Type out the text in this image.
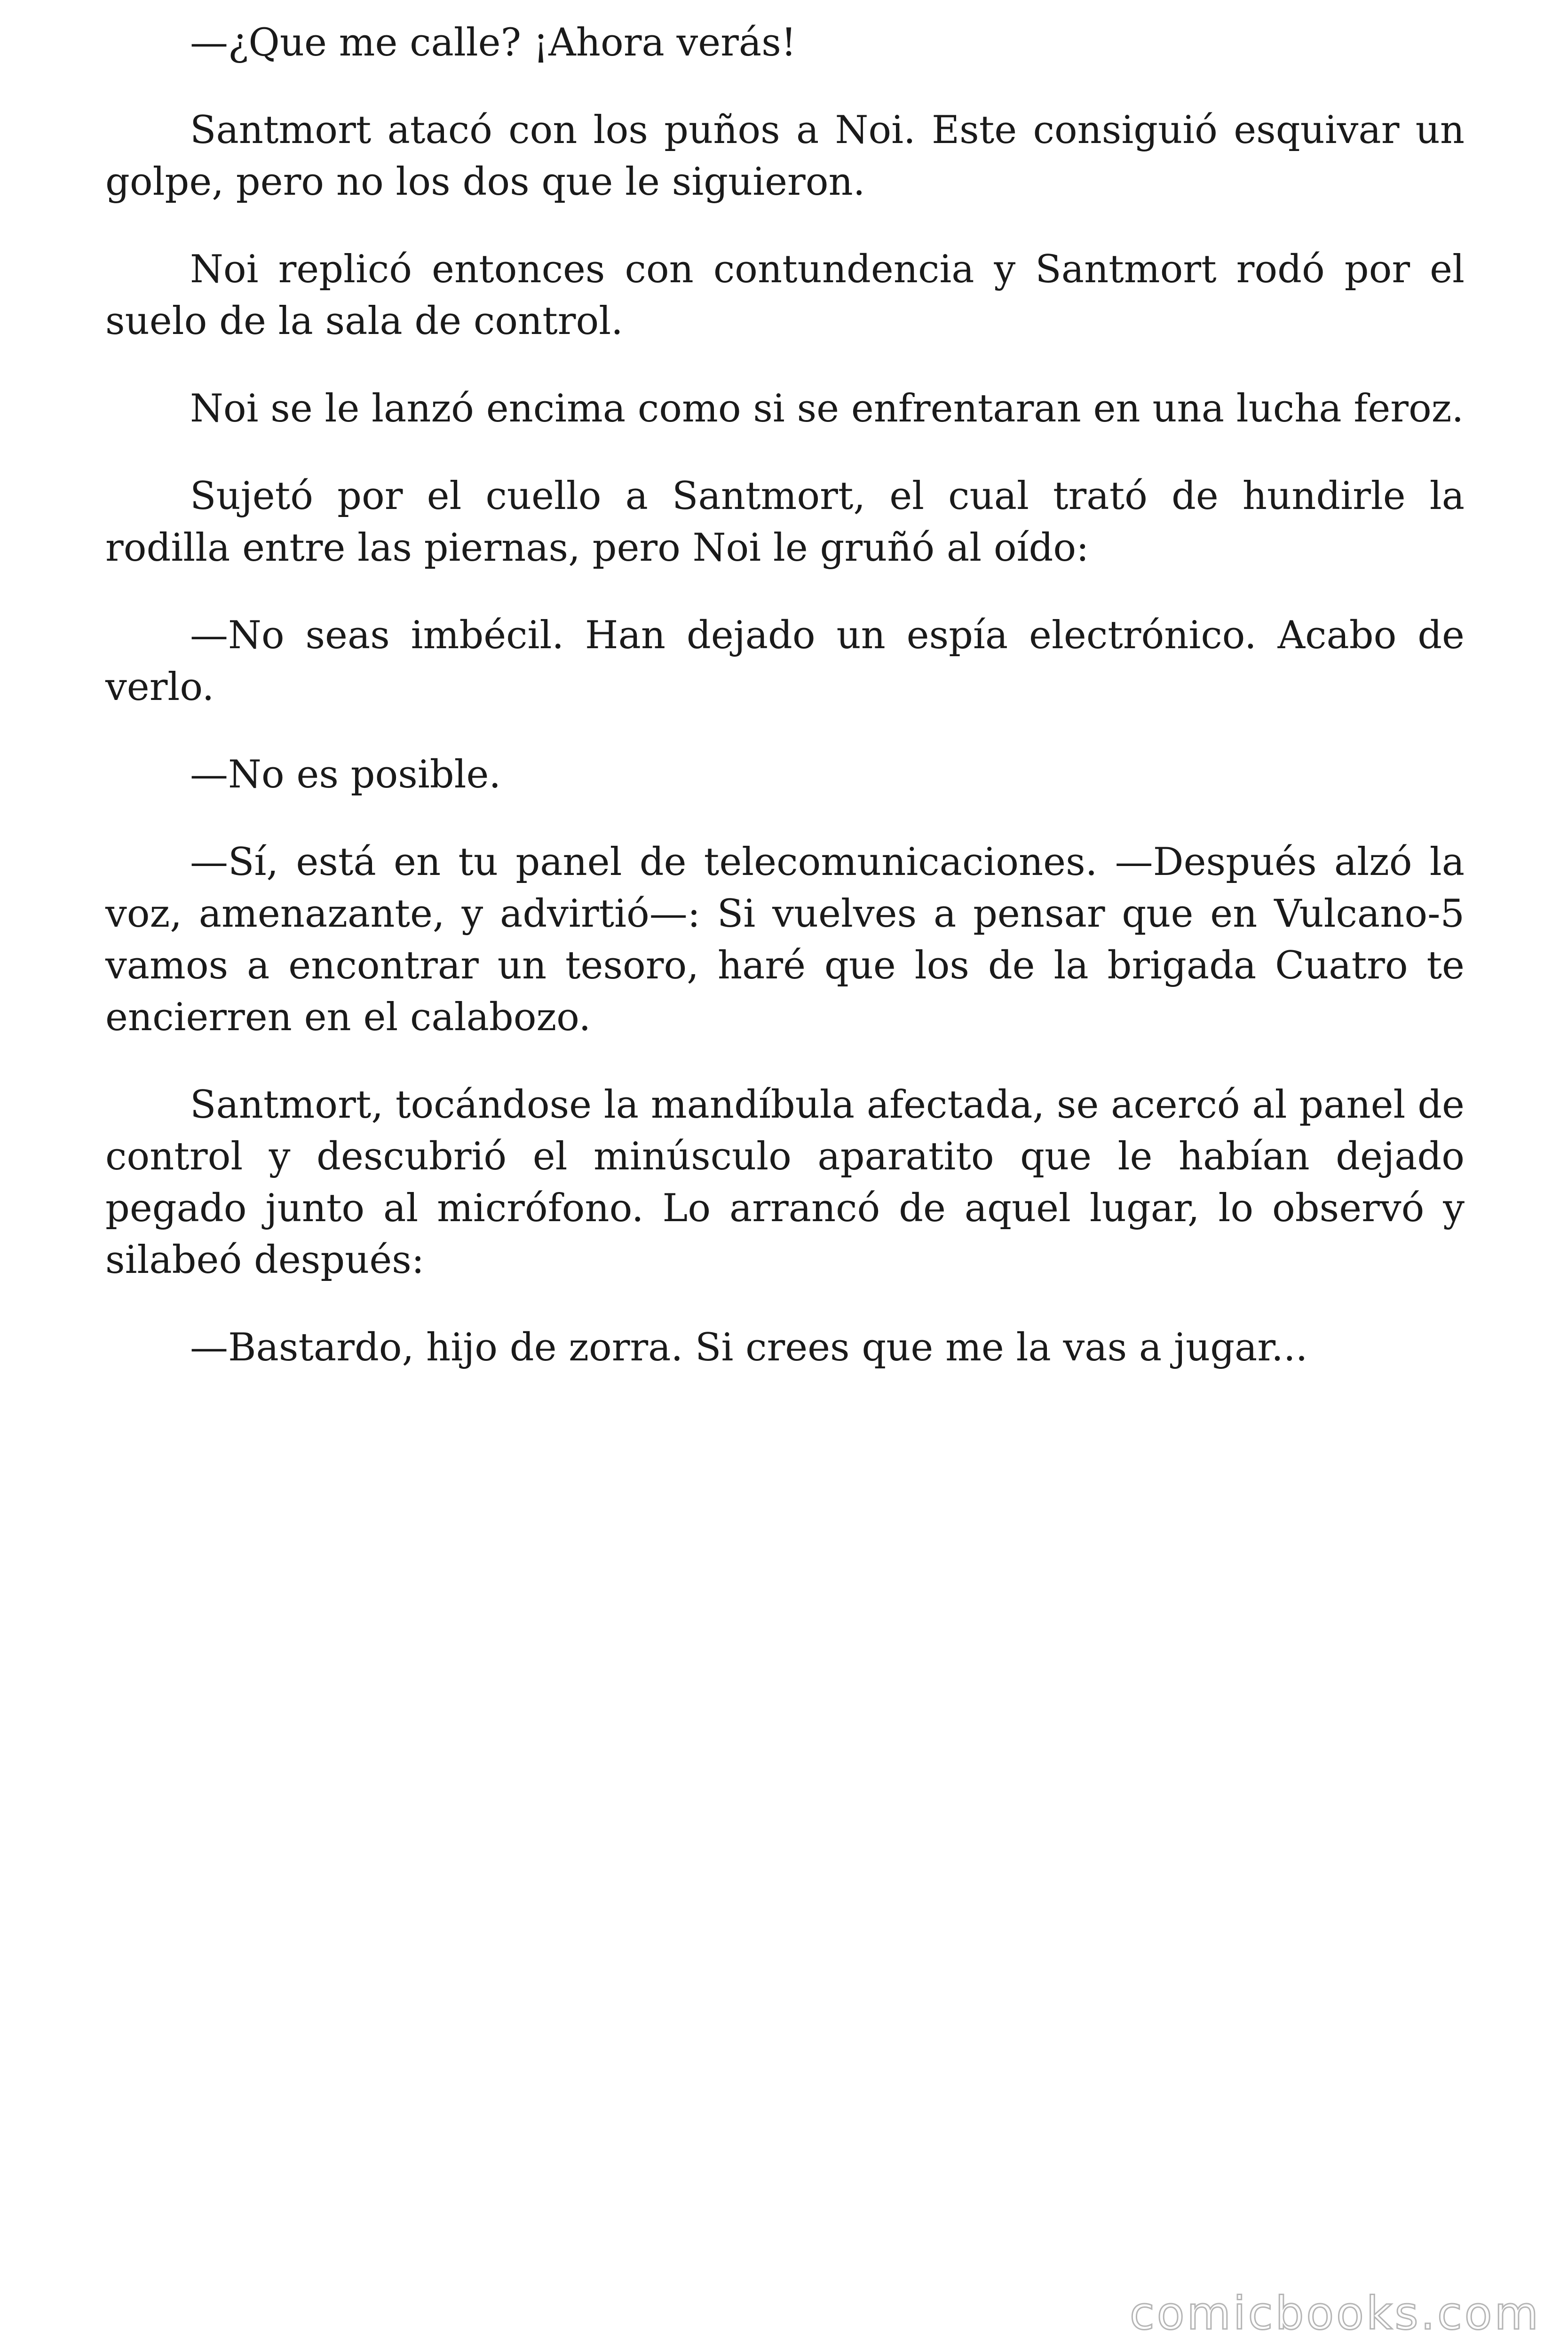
—¿Que me calle? ¡Ahora verás!

Santmort atacó con los puños a Noi. Este consiguió esquivar un golpe, pero no los dos que le siguieron.

Noi replicó entonces con contundencia y Santmort rodó por el suelo de la sala de control.

Noi se le lanzó encima como si se enfrentaran en una lucha feroz.

Sujetó por el cuello a Santmort, el cual trató de hundirle la rodilla entre las piernas, pero Noi le gruñó al oído:

—No seas imbécil. Han dejado un espía electrónico. Acabo de verlo.

—No es posible.

—Sí, está en tu panel de telecomunicaciones. —Después alzó la voz, amenazante, y advirtió—: Si vuelves a pensar que en Vulcano-5 vamos a encontrar un tesoro, haré que los de la brigada Cuatro te encierren en el calabozo.

Santmort, tocándose la mandíbula afectada, se acercó al panel de control y descubrió el minúsculo aparatito que le habían dejado pegado junto al micrófono. Lo arrancó de aquel lugar, lo observó y silabeó después:

—Bastardo, hijo de zorra. Si crees que me la vas a jugar...

comicbooks.com
